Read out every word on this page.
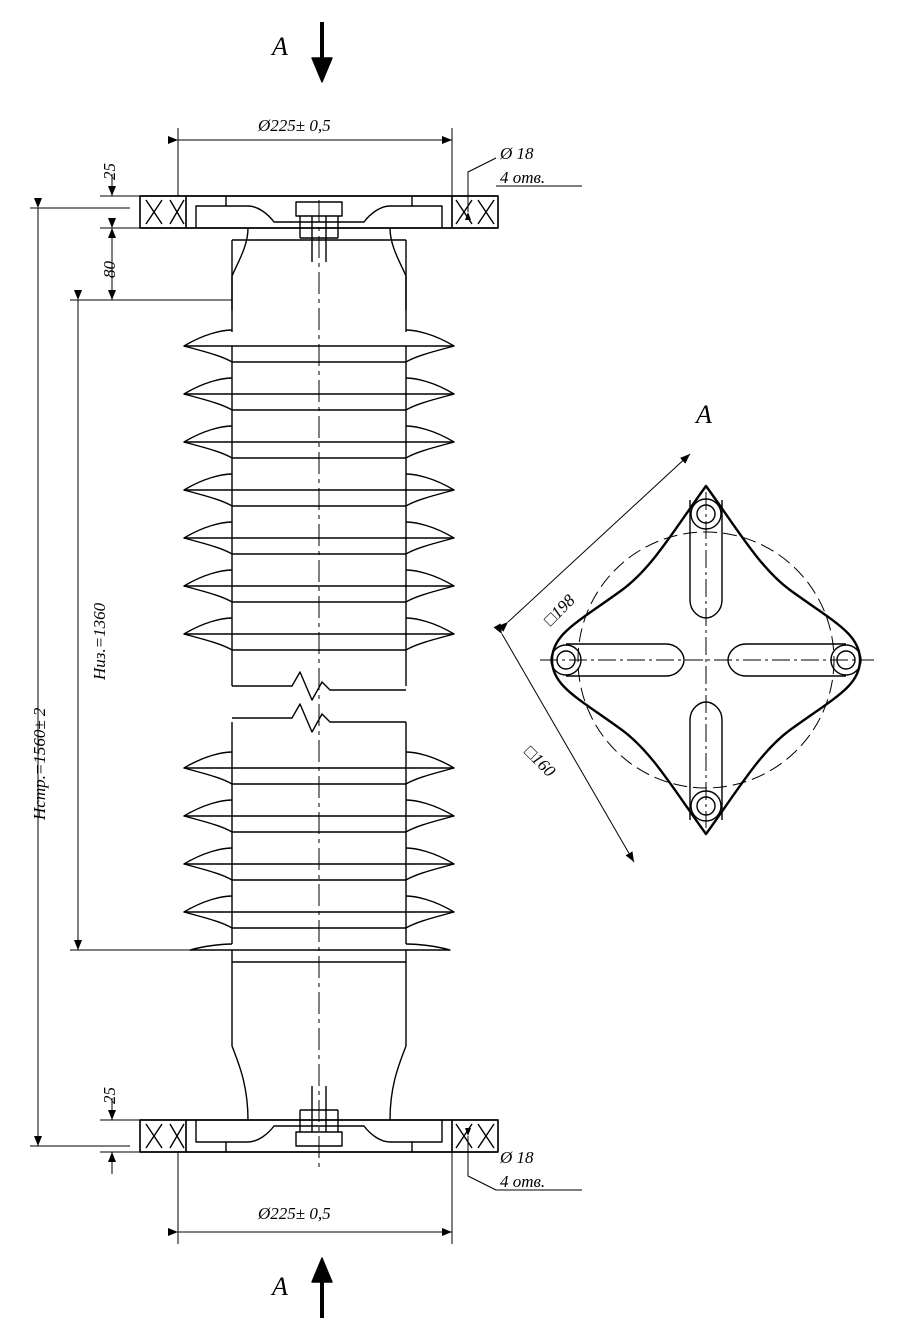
A
A
A
Ø225± 0,5
Ø 18
4 отв.
25
80
Низ.=1360
Нстр.=1560± 2
25
Ø 18
4 отв.
Ø225± 0,5
□198
□160
